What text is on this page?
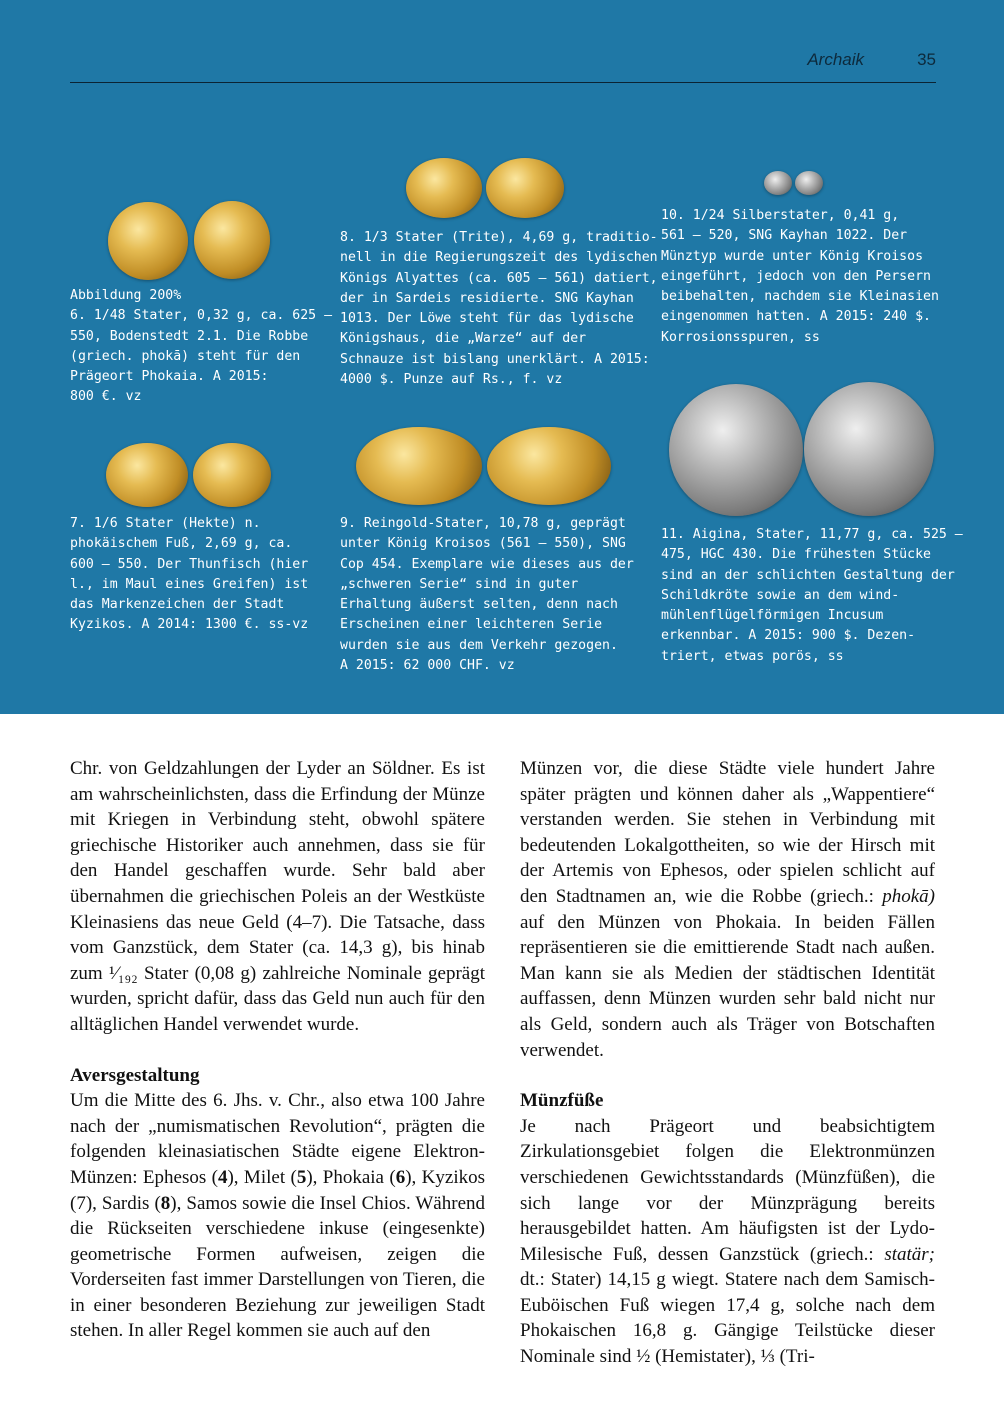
Archaik	35
Abbildung 200%
6. 1/48 Stater, 0,32 g, ca. 625 –
550, Bodenstedt 2.1. Die Robbe
(griech. phokā) steht für den
Prägeort Phokaia. A 2015:
800 €. vz
7. 1/6 Stater (Hekte) n.
phokäischem Fuß, 2,69 g, ca.
600 – 550. Der Thunfisch (hier
l., im Maul eines Greifen) ist
das Markenzeichen der Stadt
Kyzikos. A 2014: 1300 €. ss-vz
8. 1/3 Stater (Trite), 4,69 g, traditio-
nell in die Regierungszeit des lydischen
Königs Alyattes (ca. 605 – 561) datiert,
der in Sardeis residierte. SNG Kayhan
1013. Der Löwe steht für das lydische
Königshaus, die „Warze“ auf der
Schnauze ist bislang unerklärt. A 2015:
4000 $. Punze auf Rs., f. vz
9. Reingold-Stater, 10,78 g, geprägt
unter König Kroisos (561 – 550), SNG
Cop 454. Exemplare wie dieses aus der
„schweren Serie“ sind in guter
Erhaltung äußerst selten, denn nach
Erscheinen einer leichteren Serie
wurden sie aus dem Verkehr gezogen.
A 2015: 62 000 CHF. vz
10. 1/24 Silberstater, 0,41 g,
561 – 520, SNG Kayhan 1022. Der
Münztyp wurde unter König Kroisos
eingeführt, jedoch von den Persern
beibehalten, nachdem sie Kleinasien
eingenommen hatten. A 2015: 240 $.
Korrosionsspuren, ss
11. Aigina, Stater, 11,77 g, ca. 525 –
475, HGC 430. Die frühesten Stücke
sind an der schlichten Gestaltung der
Schildkröte sowie an dem wind-
mühlenflügelförmigen Incusum
erkennbar. A 2015: 900 $. Dezen-
triert, etwas porös, ss

Chr. von Geldzahlungen der Lyder an Söldner. Es ist am wahrscheinlichsten, dass die Erfindung der Münze mit Kriegen in Verbindung steht, obwohl spätere griechische Historiker auch annehmen, dass sie für den Handel geschaffen wurde. Sehr bald aber übernahmen die griechischen Poleis an der Westküste Kleinasiens das neue Geld (4–7). Die Tatsache, dass vom Ganzstück, dem Stater (ca. 14,3 g), bis hinab zum ¹⁄₁₉₂ Stater (0,08 g) zahlreiche Nominale geprägt wurden, spricht dafür, dass das Geld nun auch für den alltäglichen Handel verwendet wurde.

Aversgestaltung

Um die Mitte des 6. Jhs. v. Chr., also etwa 100 Jahre nach der „numismatischen Revolution“, prägten die folgenden kleinasiatischen Städte eigene Elektron-Münzen: Ephesos (4), Milet (5), Phokaia (6), Kyzikos (7), Sardis (8), Samos sowie die Insel Chios. Während die Rückseiten verschiedene inkuse (eingesenkte) geometrische Formen aufweisen, zeigen die Vorderseiten fast immer Darstellungen von Tieren, die in einer besonderen Beziehung zur jeweiligen Stadt stehen. In aller Regel kommen sie auch auf den

Münzen vor, die diese Städte viele hundert Jahre später prägten und können daher als „Wappentiere“ verstanden werden. Sie stehen in Verbindung mit bedeutenden Lokalgottheiten, so wie der Hirsch mit der Artemis von Ephesos, oder spielen schlicht auf den Stadtnamen an, wie die Robbe (griech.: phokā) auf den Münzen von Phokaia. In beiden Fällen repräsentieren sie die emittierende Stadt nach außen. Man kann sie als Medien der städtischen Identität auffassen, denn Münzen wurden sehr bald nicht nur als Geld, sondern auch als Träger von Botschaften verwendet.

Münzfüße

Je nach Prägeort und beabsichtigtem Zirkulationsgebiet folgen die Elektronmünzen verschiedenen Gewichtsstandards (Münzfüßen), die sich lange vor der Münzprägung bereits herausgebildet hatten. Am häufigsten ist der Lydo-Milesische Fuß, dessen Ganzstück (griech.: statär; dt.: Stater) 14,15 g wiegt. Statere nach dem Samisch-Euböischen Fuß wiegen 17,4 g, solche nach dem Phokaischen 16,8 g. Gängige Teilstücke dieser Nominale sind ½ (Hemistater), ⅓ (Tri-
